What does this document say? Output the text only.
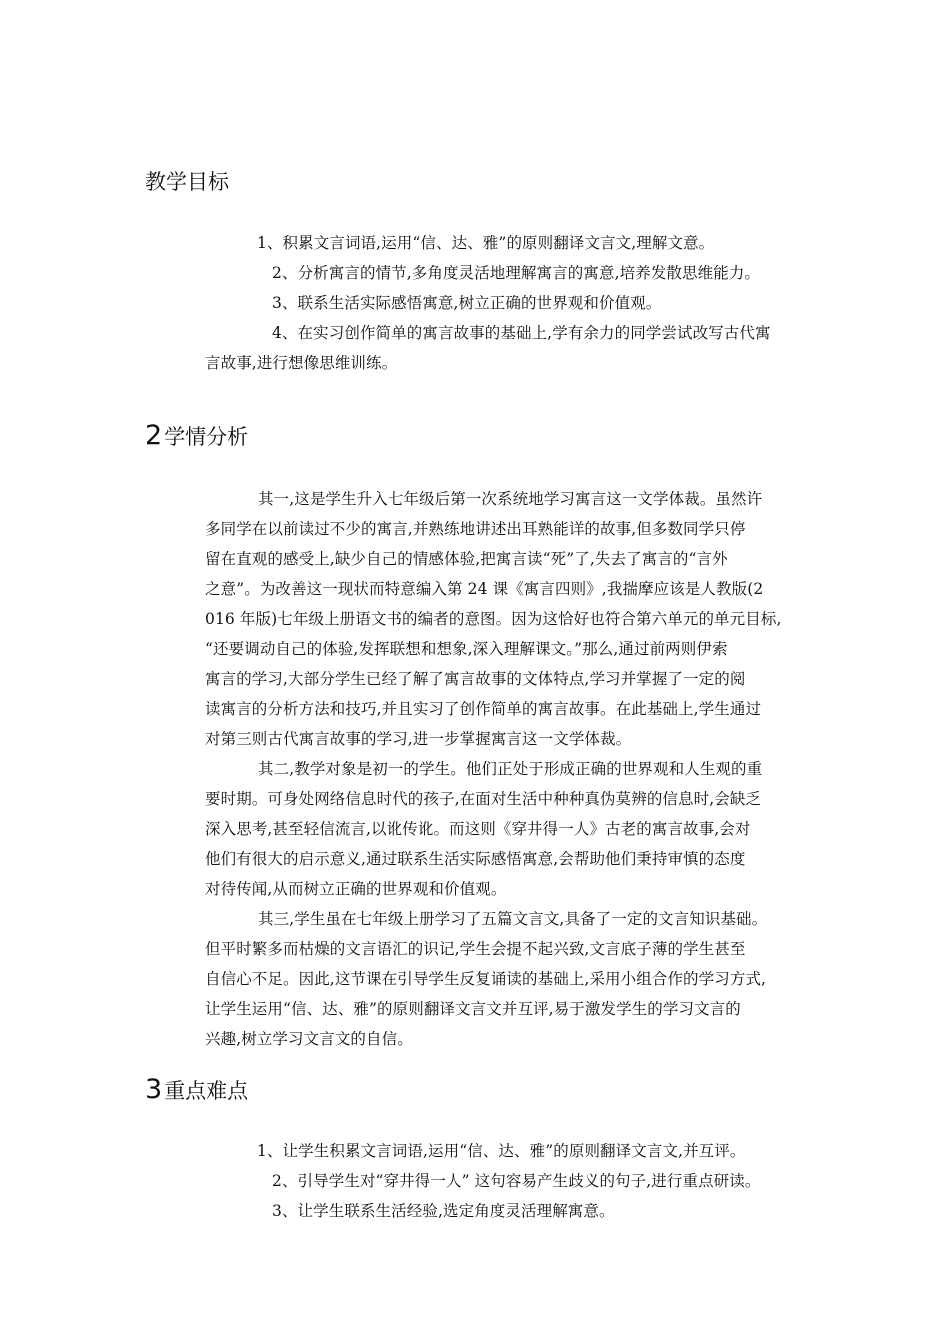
教学目标
1、积累文言词语,运用“信、达、雅”的原则翻译文言文,理解文意。
2、分析寓言的情节,多角度灵活地理解寓言的寓意,培养发散思维能力。
3、联系生活实际感悟寓意,树立正确的世界观和价值观。
4、在实习创作简单的寓言故事的基础上,学有余力的同学尝试改写古代寓
言故事,进行想像思维训练。
2学情分析
其一,这是学生升入七年级后第一次系统地学习寓言这一文学体裁。虽然许
多同学在以前读过不少的寓言,并熟练地讲述出耳熟能详的故事,但多数同学只停
留在直观的感受上,缺少自己的情感体验,把寓言读“死”了,失去了寓言的“言外
之意”。为改善这一现状而特意编入第 24 课《寓言四则》,我揣摩应该是人教版(2
016 年版)七年级上册语文书的编者的意图。因为这恰好也符合第六单元的单元目标,
“还要调动自己的体验,发挥联想和想象,深入理解课文。”那么,通过前两则伊索
寓言的学习,大部分学生已经了解了寓言故事的文体特点,学习并掌握了一定的阅
读寓言的分析方法和技巧,并且实习了创作简单的寓言故事。在此基础上,学生通过
对第三则古代寓言故事的学习,进一步掌握寓言这一文学体裁。
其二,教学对象是初一的学生。他们正处于形成正确的世界观和人生观的重
要时期。可身处网络信息时代的孩子,在面对生活中种种真伪莫辨的信息时,会缺乏
深入思考,甚至轻信流言,以讹传讹。而这则《穿井得一人》古老的寓言故事,会对
他们有很大的启示意义,通过联系生活实际感悟寓意,会帮助他们秉持审慎的态度
对待传闻,从而树立正确的世界观和价值观。
其三,学生虽在七年级上册学习了五篇文言文,具备了一定的文言知识基础。
但平时繁多而枯燥的文言语汇的识记,学生会提不起兴致,文言底子薄的学生甚至
自信心不足。因此,这节课在引导学生反复诵读的基础上,采用小组合作的学习方式,
让学生运用“信、达、雅”的原则翻译文言文并互评,易于激发学生的学习文言的
兴趣,树立学习文言文的自信。
3重点难点
1、让学生积累文言词语,运用“信、达、雅”的原则翻译文言文,并互评。
2、引导学生对“穿井得一人” 这句容易产生歧义的句子,进行重点研读。
3、让学生联系生活经验,选定角度灵活理解寓意。
